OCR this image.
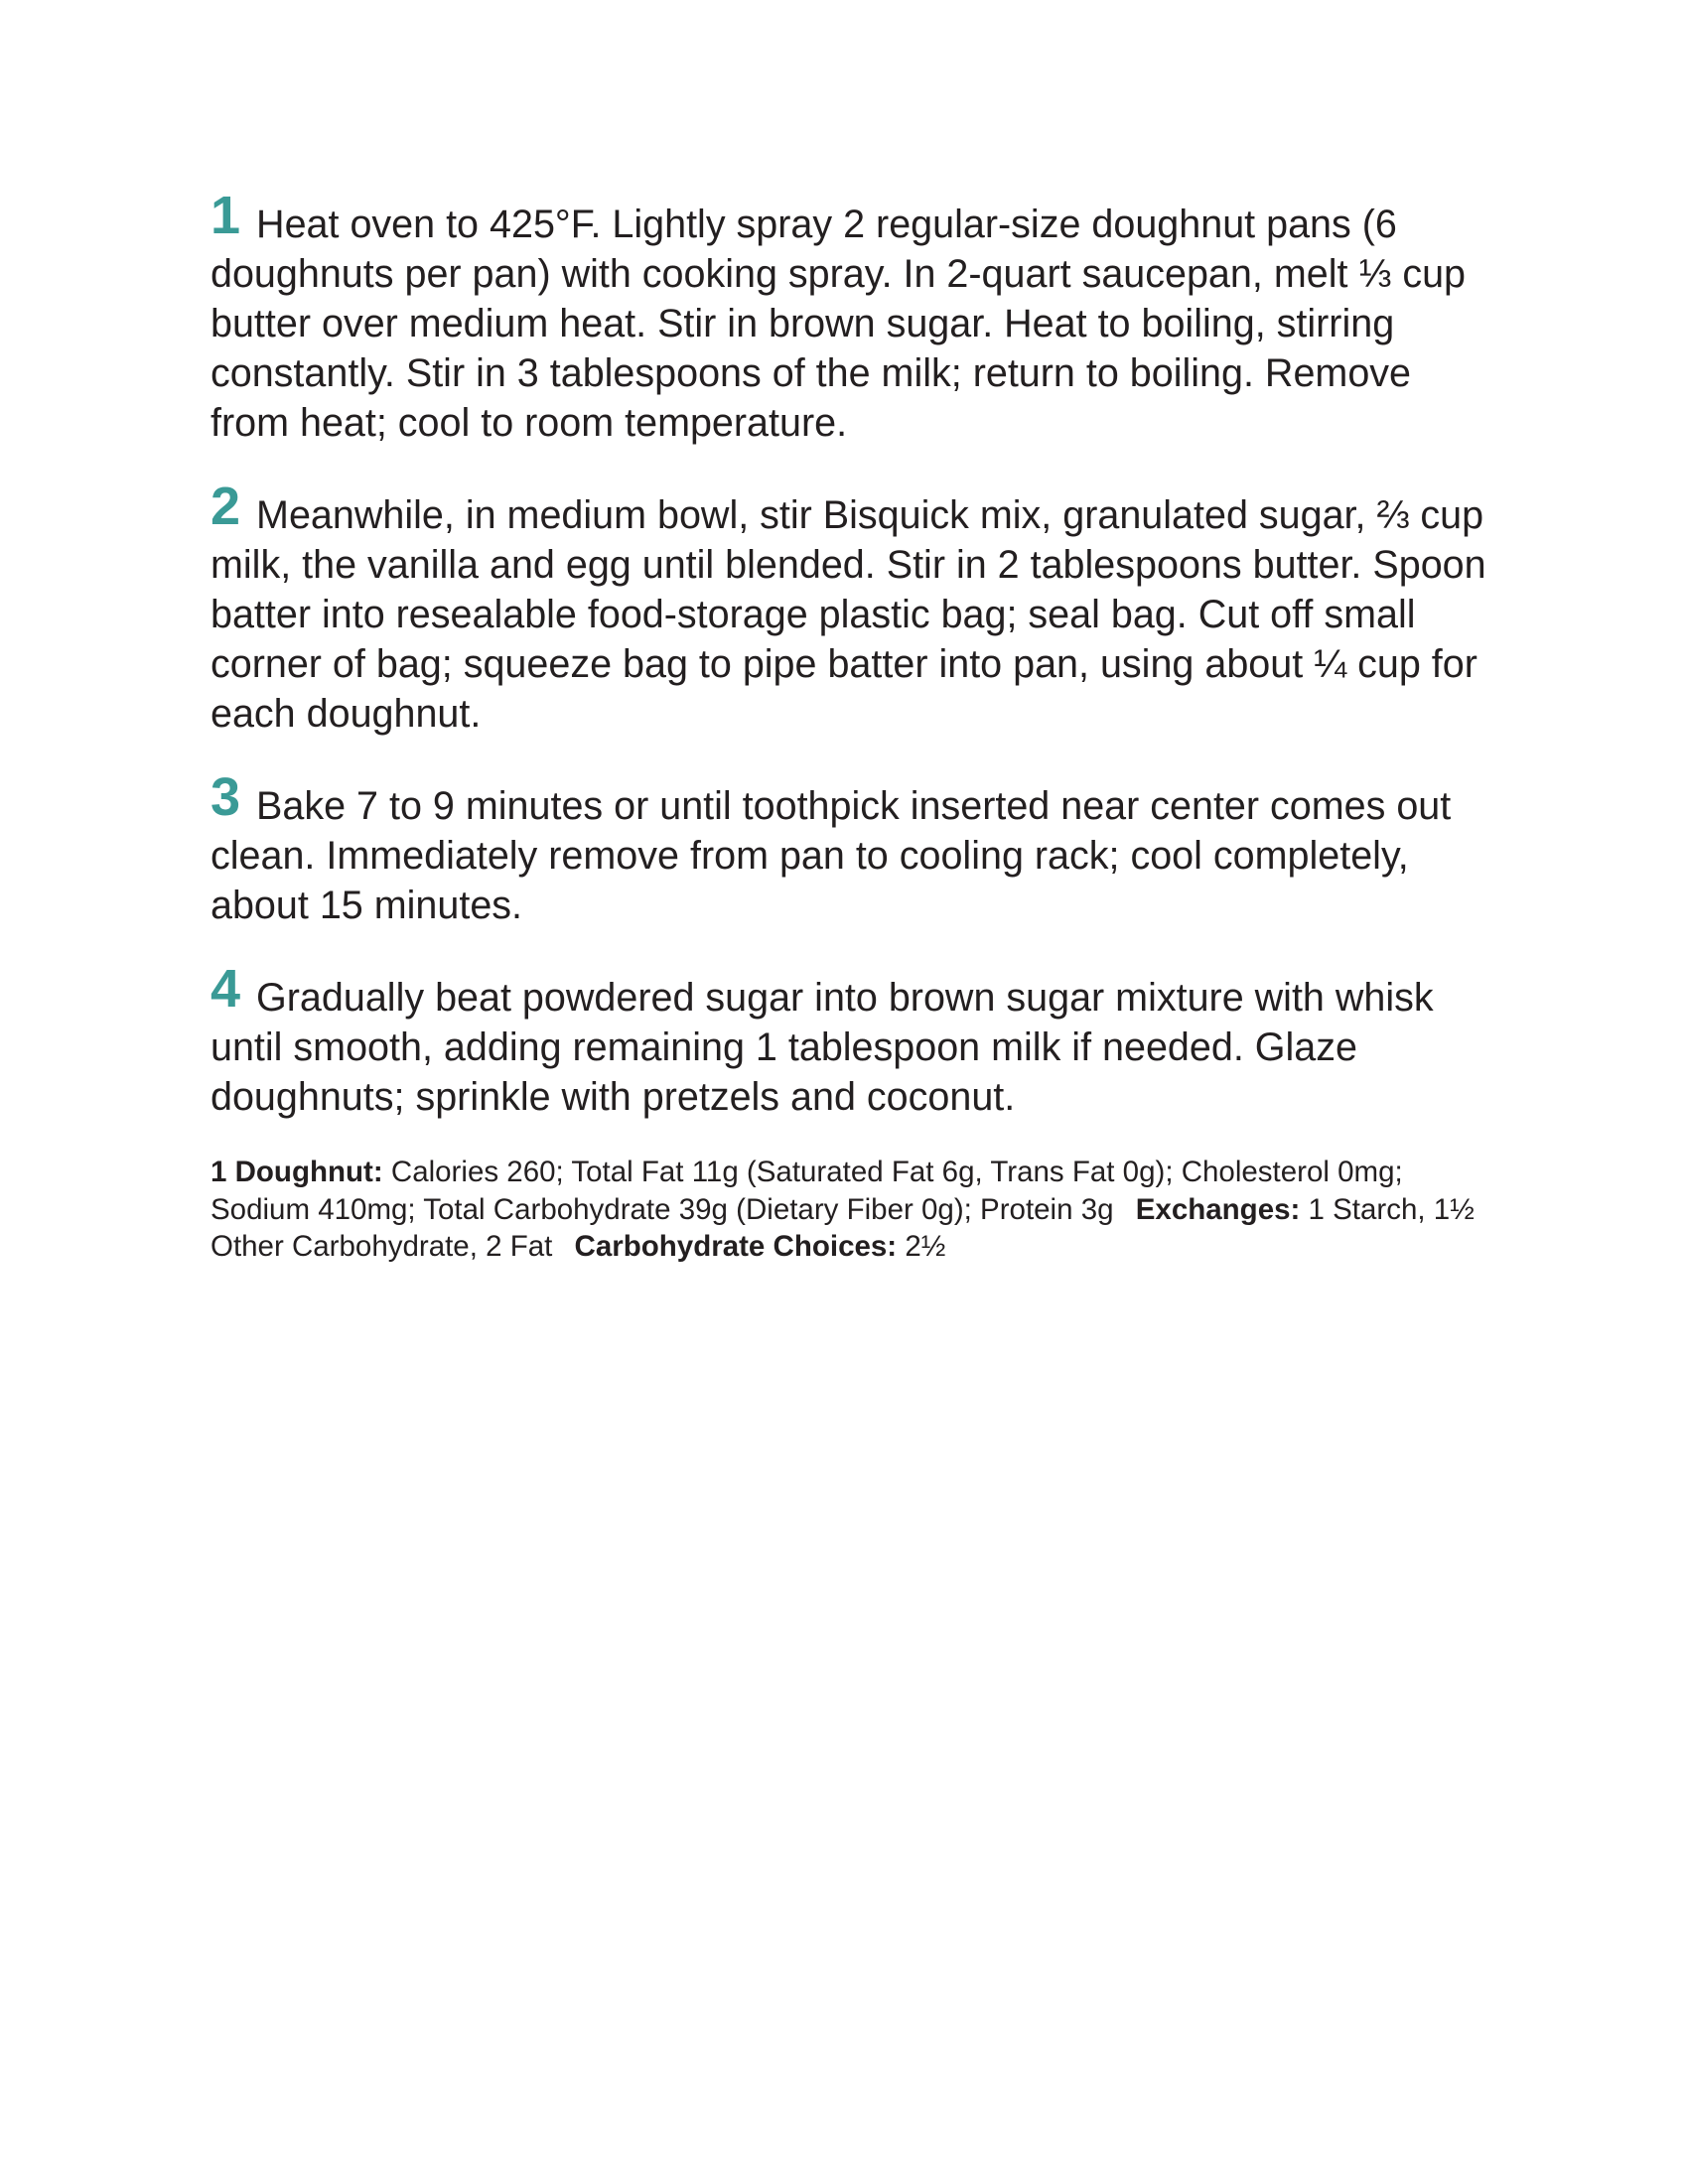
1 Heat oven to 425°F. Lightly spray 2 regular-size doughnut pans (6 doughnuts per pan) with cooking spray. In 2-quart saucepan, melt ⅓ cup butter over medium heat. Stir in brown sugar. Heat to boiling, stirring constantly. Stir in 3 tablespoons of the milk; return to boiling. Remove from heat; cool to room temperature.

2 Meanwhile, in medium bowl, stir Bisquick mix, granulated sugar, ⅔ cup milk, the vanilla and egg until blended. Stir in 2 tablespoons butter. Spoon batter into resealable food-storage plastic bag; seal bag. Cut off small corner of bag; squeeze bag to pipe batter into pan, using about ¼ cup for each doughnut.

3 Bake 7 to 9 minutes or until toothpick inserted near center comes out clean. Immediately remove from pan to cooling rack; cool completely, about 15 minutes.

4 Gradually beat powdered sugar into brown sugar mixture with whisk until smooth, adding remaining 1 tablespoon milk if needed. Glaze doughnuts; sprinkle with pretzels and coconut.

1 Doughnut: Calories 260; Total Fat 11g (Saturated Fat 6g, Trans Fat 0g); Cholesterol 0mg; Sodium 410mg; Total Carbohydrate 39g (Dietary Fiber 0g); Protein 3g Exchanges: 1 Starch, 1½ Other Carbohydrate, 2 Fat Carbohydrate Choices: 2½
